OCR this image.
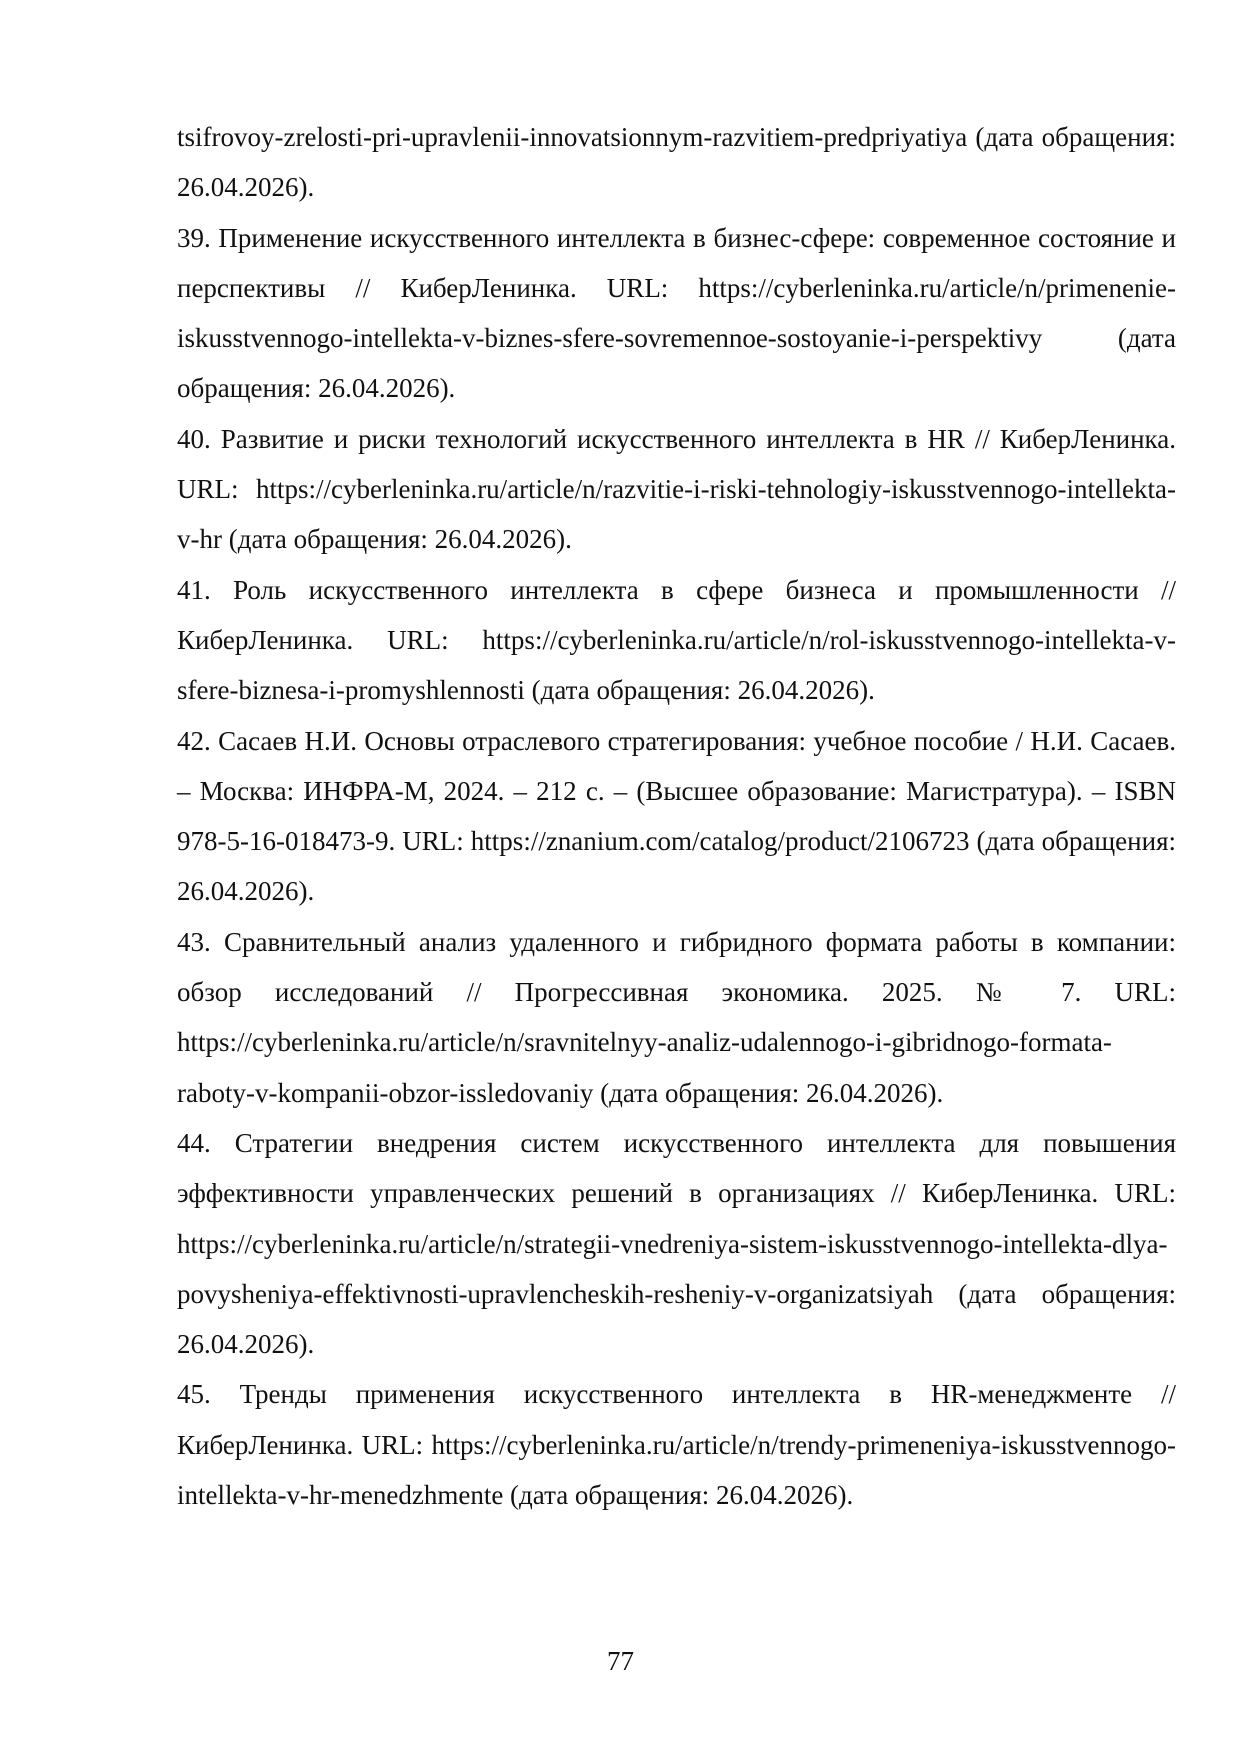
tsifrovoy-zrelosti-pri-upravlenii-innovatsionnym-razvitiem-predpriyatiya (дата обращения: 26.04.2026).

39. Применение искусственного интеллекта в бизнес-сфере: современное состояние и перспективы // КиберЛенинка. URL: https://cyberleninka.ru/article/n/primenenie-iskusstvennogo-intellekta-v-biznes-sfere-sovremennoe-sostoyanie-i-perspektivy (дата обращения: 26.04.2026).

40. Развитие и риски технологий искусственного интеллекта в HR // КиберЛенинка. URL: https://cyberleninka.ru/article/n/razvitie-i-riski-tehnologiy-iskusstvennogo-intellekta-v-hr (дата обращения: 26.04.2026).

41. Роль искусственного интеллекта в сфере бизнеса и промышленности // КиберЛенинка. URL: https://cyberleninka.ru/article/n/rol-iskusstvennogo-intellekta-v-sfere-biznesa-i-promyshlennosti (дата обращения: 26.04.2026).

42. Сасаев Н.И. Основы отраслевого стратегирования: учебное пособие / Н.И. Сасаев. – Москва: ИНФРА-М, 2024. – 212 с. – (Высшее образование: Магистратура). – ISBN 978-5-16-018473-9. URL: https://znanium.com/catalog/product/2106723 (дата обращения: 26.04.2026).

43. Сравнительный анализ удаленного и гибридного формата работы в компании: обзор исследований // Прогрессивная экономика. 2025. № 7. URL: https://cyberleninka.ru/article/n/sravnitelnyy-analiz-udalennogo-i-gibridnogo-formata-raboty-v-kompanii-obzor-issledovaniy (дата обращения: 26.04.2026).

44. Стратегии внедрения систем искусственного интеллекта для повышения эффективности управленческих решений в организациях // КиберЛенинка. URL: https://cyberleninka.ru/article/n/strategii-vnedreniya-sistem-iskusstvennogo-intellekta-dlya-povysheniya-effektivnosti-upravlencheskih-resheniy-v-organizatsiyah (дата обращения: 26.04.2026).

45. Тренды применения искусственного интеллекта в HR-менеджменте // КиберЛенинка. URL: https://cyberleninka.ru/article/n/trendy-primeneniya-iskusstvennogo-intellekta-v-hr-menedzhmente (дата обращения: 26.04.2026).

77
